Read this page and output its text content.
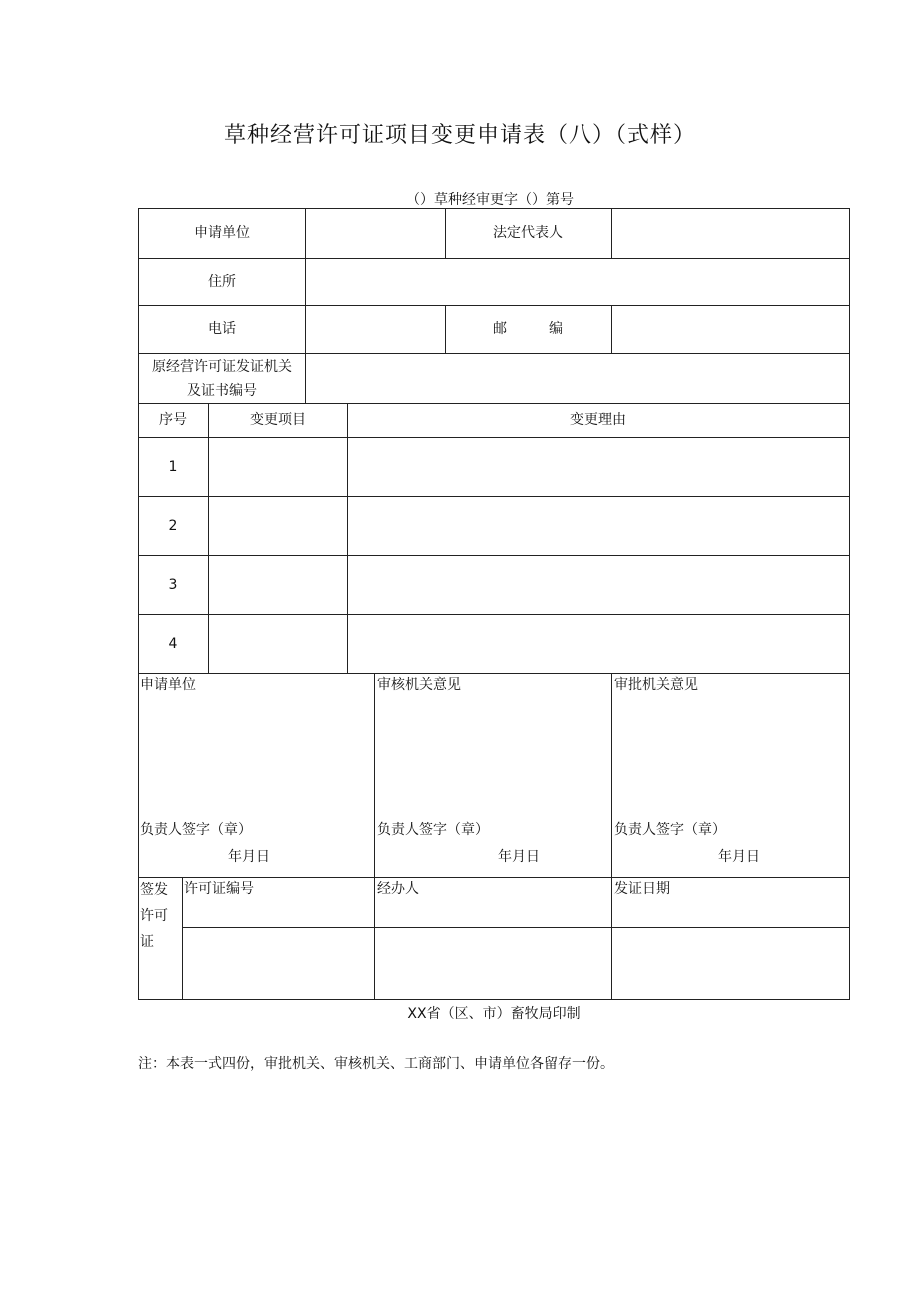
草种经营许可证项目变更申请表（八）（式样）
（）草种经审更字（）第号
申请单位	法定代表人
住所
电话	邮　　　编
原经营许可证发证机关
及证书编号
序号	变更项目	变更理由
1
2
3
4
申请单位
负责人签字（章）
年月日
审核机关意见
负责人签字（章）
年月日
审批机关意见
负责人签字（章）
年月日
签发
许可
证
许可证编号	经办人	发证日期
XX省（区、市）畜牧局印制
注：本表一式四份，审批机关、审核机关、工商部门、申请单位各留存一份。
